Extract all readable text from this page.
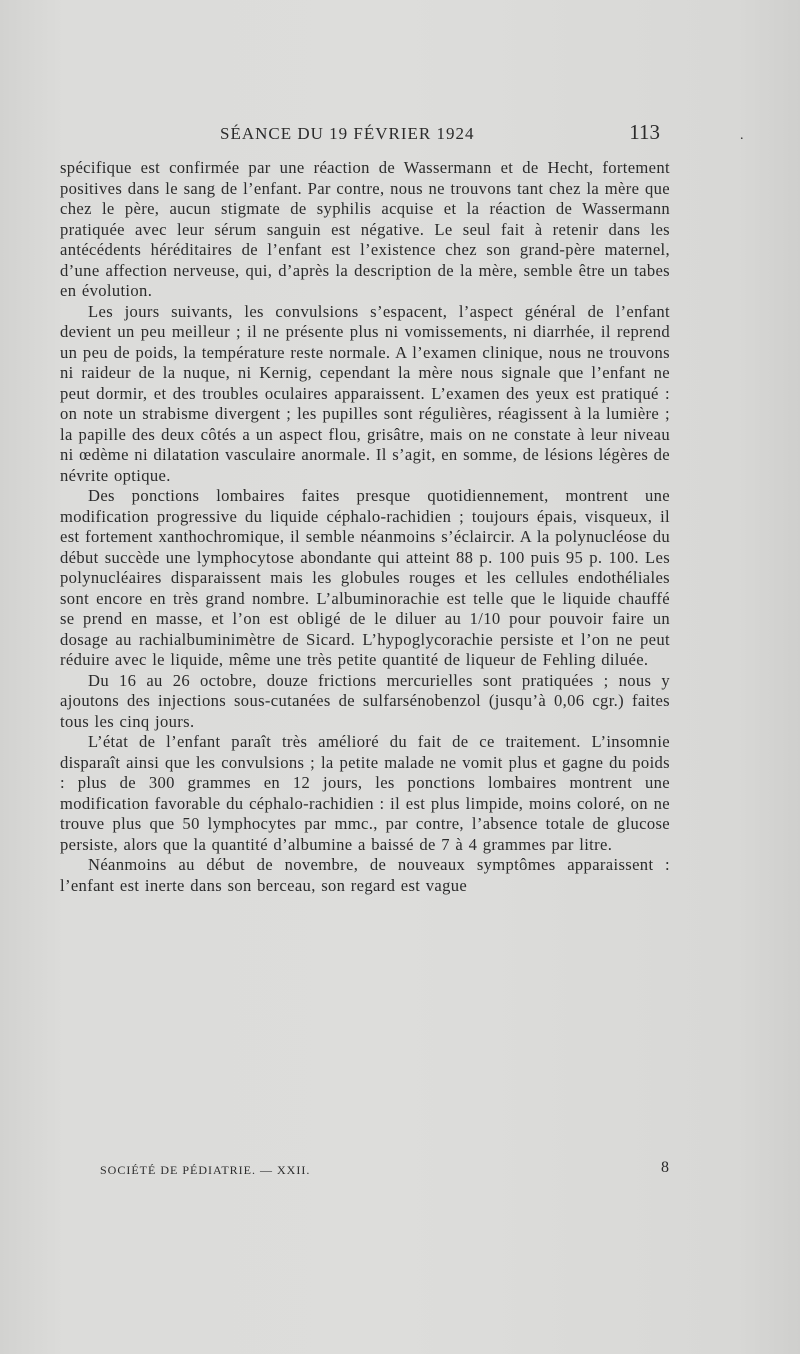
SÉANCE DU 19 FÉVRIER 1924	113	.

spécifique est confirmée par une réaction de Wassermann et de Hecht, fortement positives dans le sang de l’enfant. Par contre, nous ne trouvons tant chez la mère que chez le père, aucun stigmate de syphilis acquise et la réaction de Wassermann pratiquée avec leur sérum sanguin est négative. Le seul fait à retenir dans les antécédents héréditaires de l’enfant est l’existence chez son grand-père maternel, d’une affection nerveuse, qui, d’après la description de la mère, semble être un tabes en évolution.

Les jours suivants, les convulsions s’espacent, l’aspect général de l’enfant devient un peu meilleur ; il ne présente plus ni vomissements, ni diarrhée, il reprend un peu de poids, la température reste normale. A l’examen clinique, nous ne trouvons ni raideur de la nuque, ni Kernig, cependant la mère nous signale que l’enfant ne peut dormir, et des troubles oculaires apparaissent. L’examen des yeux est pratiqué : on note un strabisme divergent ; les pupilles sont régulières, réagissent à la lumière ; la papille des deux côtés a un aspect flou, grisâtre, mais on ne constate à leur niveau ni œdème ni dilatation vasculaire anormale. Il s’agit, en somme, de lésions légères de névrite optique.

Des ponctions lombaires faites presque quotidiennement, montrent une modification progressive du liquide céphalo-rachidien ; toujours épais, visqueux, il est fortement xanthochromique, il semble néanmoins s’éclaircir. A la polynucléose du début succède une lymphocytose abondante qui atteint 88 p. 100 puis 95 p. 100. Les polynucléaires disparaissent mais les globules rouges et les cellules endothéliales sont encore en très grand nombre. L’albuminorachie est telle que le liquide chauffé se prend en masse, et l’on est obligé de le diluer au 1/10 pour pouvoir faire un dosage au rachialbuminimètre de Sicard. L’hypoglycorachie persiste et l’on ne peut réduire avec le liquide, même une très petite quantité de liqueur de Fehling diluée.

Du 16 au 26 octobre, douze frictions mercurielles sont pratiquées ; nous y ajoutons des injections sous-cutanées de sulfarsénobenzol (jusqu’à 0,06 cgr.) faites tous les cinq jours.

L’état de l’enfant paraît très amélioré du fait de ce traitement. L’insomnie disparaît ainsi que les convulsions ; la petite malade ne vomit plus et gagne du poids : plus de 300 grammes en 12 jours, les ponctions lombaires montrent une modification favorable du céphalo-rachidien : il est plus limpide, moins coloré, on ne trouve plus que 50 lymphocytes par mmc., par contre, l’absence totale de glucose persiste, alors que la quantité d’albumine a baissé de 7 à 4 grammes par litre.

Néanmoins au début de novembre, de nouveaux symptômes apparaissent : l’enfant est inerte dans son berceau, son regard est vague

SOCIÉTÉ DE PÉDIATRIE. — XXII.	8
